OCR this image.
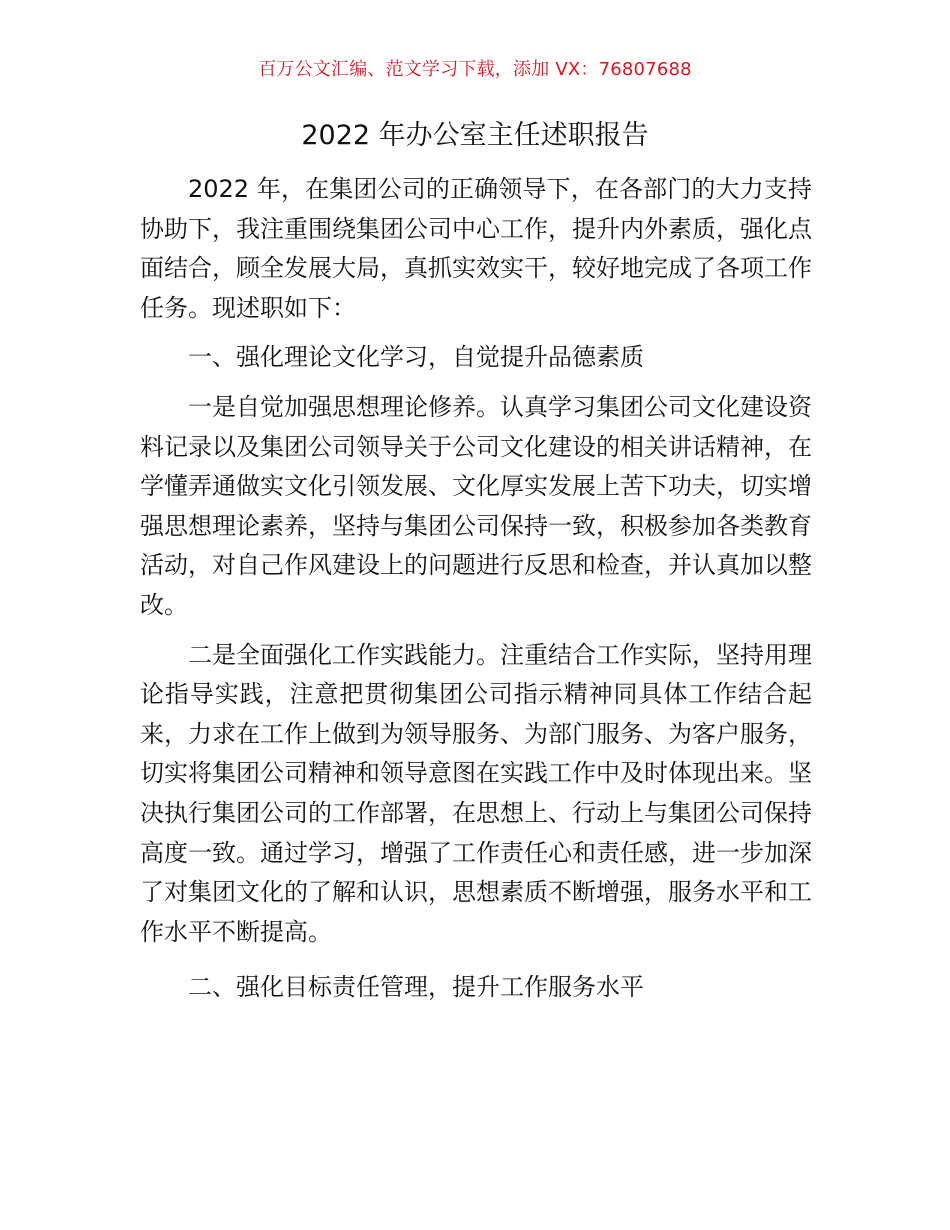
百万公文汇编、范文学习下载，添加 VX：76807688
2022 年办公室主任述职报告

2022 年，在集团公司的正确领导下，在各部门的大力支持协助下，我注重围绕集团公司中心工作，提升内外素质，强化点面结合，顾全发展大局，真抓实效实干，较好地完成了各项工作任务。现述职如下：

一、强化理论文化学习，自觉提升品德素质

一是自觉加强思想理论修养。认真学习集团公司文化建设资料记录以及集团公司领导关于公司文化建设的相关讲话精神，在学懂弄通做实文化引领发展、文化厚实发展上苦下功夫，切实增强思想理论素养，坚持与集团公司保持一致，积极参加各类教育活动，对自己作风建设上的问题进行反思和检查，并认真加以整改。

二是全面强化工作实践能力。注重结合工作实际，坚持用理论指导实践，注意把贯彻集团公司指示精神同具体工作结合起来，力求在工作上做到为领导服务、为部门服务、为客户服务，切实将集团公司精神和领导意图在实践工作中及时体现出来。坚决执行集团公司的工作部署，在思想上、行动上与集团公司保持高度一致。通过学习，增强了工作责任心和责任感，进一步加深了对集团文化的了解和认识，思想素质不断增强，服务水平和工作水平不断提高。

二、强化目标责任管理，提升工作服务水平
